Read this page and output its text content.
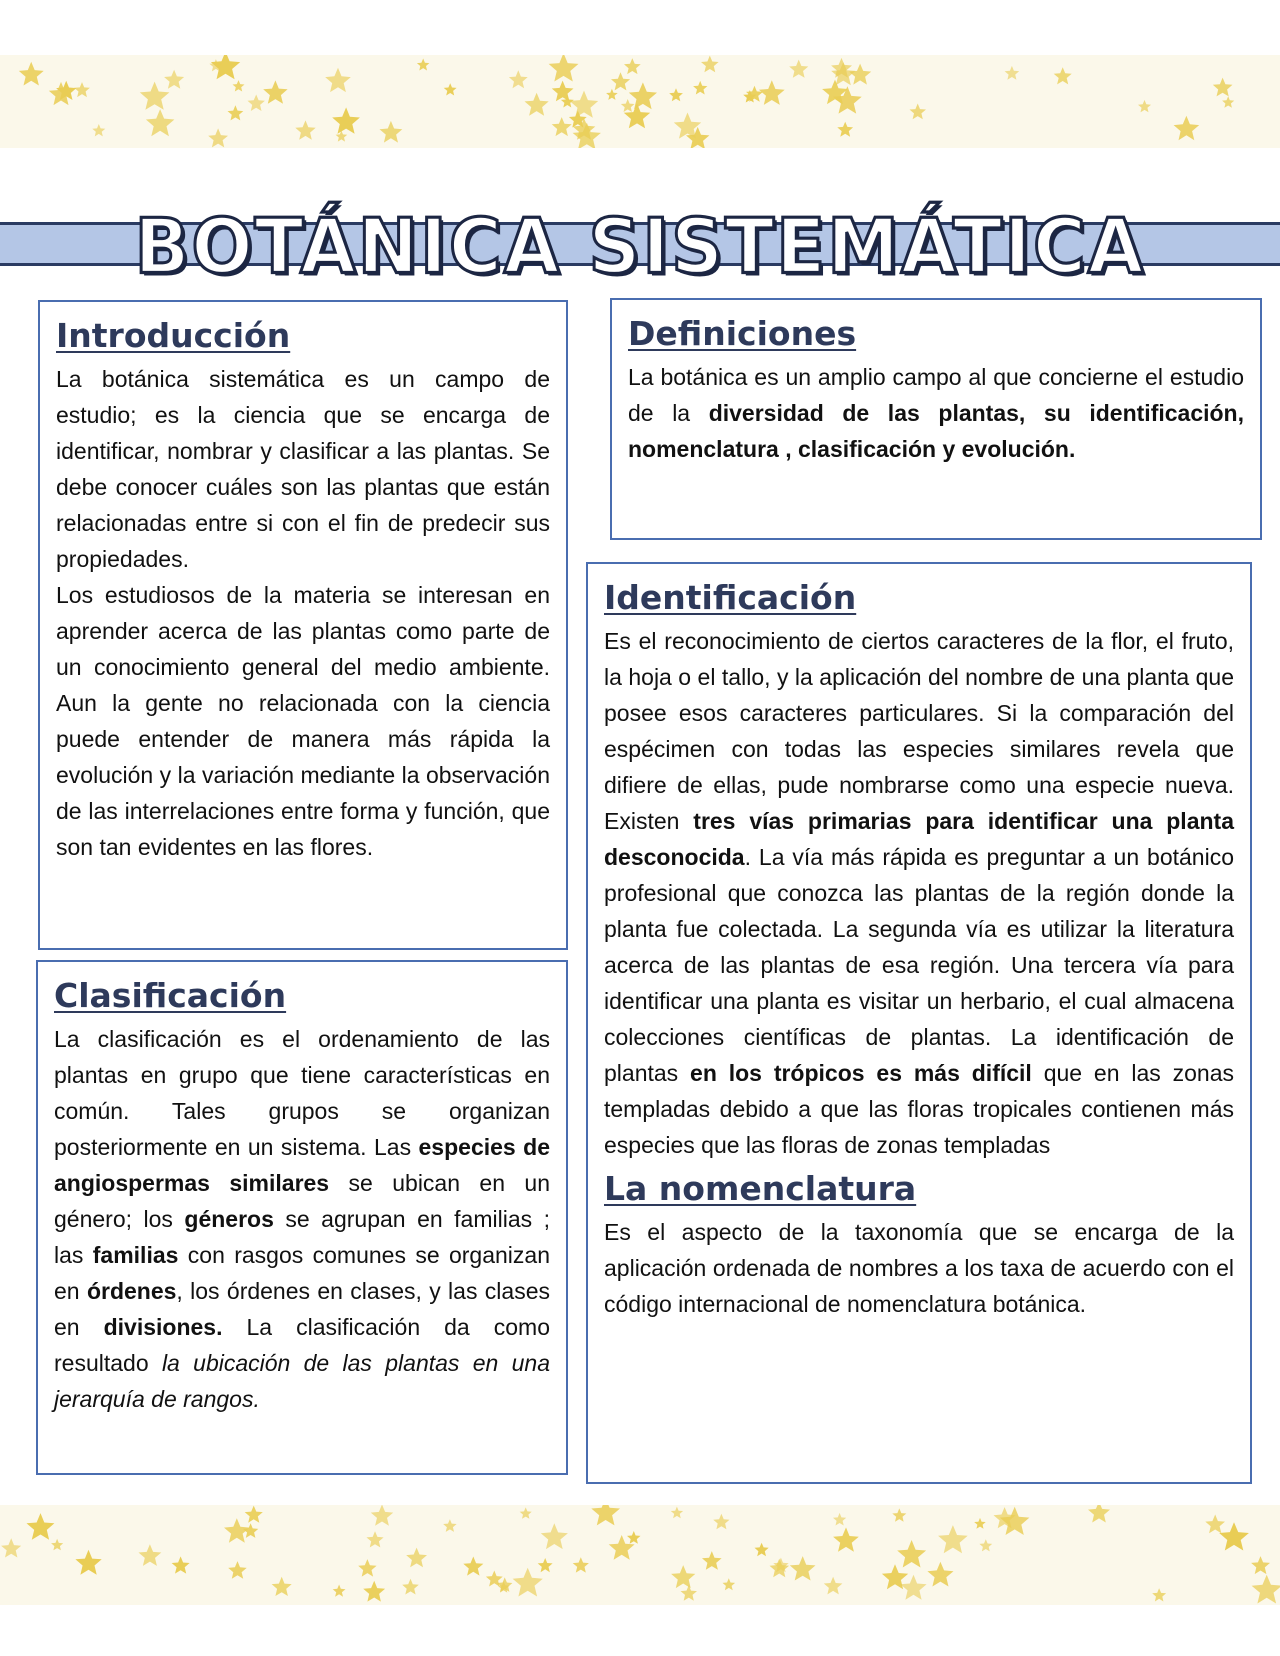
BOTÁNICA SISTEMÁTICA
Introducción

La botánica sistemática es un campo de estudio; es la ciencia que se encarga de identificar, nombrar y clasificar a las plantas. Se debe conocer cuáles son las plantas que están relacionadas entre si con el fin de predecir sus propiedades.

Los estudiosos de la materia se interesan en aprender acerca de las plantas como parte de un conocimiento general del medio ambiente. Aun la gente no relacionada con la ciencia puede entender de manera más rápida la evolución y la variación mediante la observación de las interrelaciones entre forma y función, que son tan evidentes en las flores.

Definiciones

La botánica es un amplio campo al que concierne el estudio de la diversidad de las plantas, su identificación, nomenclatura , clasificación y evolución.

Clasificación

La clasificación es el ordenamiento de las plantas en grupo que tiene características en común. Tales grupos se organizan posteriormente en un sistema. Las especies de angiospermas similares se ubican en un género; los géneros se agrupan en familias ; las familias con rasgos comunes se organizan en órdenes, los órdenes en clases, y las clases en divisiones. La clasificación da como resultado la ubicación de las plantas en una jerarquía de rangos.

Identificación

Es el reconocimiento de ciertos caracteres de la flor, el fruto, la hoja o el tallo, y la aplicación del nombre de una planta que posee esos caracteres particulares. Si la comparación del espécimen con todas las especies similares revela que difiere de ellas, pude nombrarse como una especie nueva. Existen tres vías primarias para identificar una planta desconocida. La vía más rápida es preguntar a un botánico profesional que conozca las plantas de la región donde la planta fue colectada. La segunda vía es utilizar la literatura acerca de las plantas de esa región. Una tercera vía para identificar una planta es visitar un herbario, el cual almacena colecciones científicas de plantas. La identificación de plantas en los trópicos es más difícil que en las zonas templadas debido a que las floras tropicales contienen más especies que las floras de zonas templadas

La nomenclatura

Es el aspecto de la taxonomía que se encarga de la aplicación ordenada de nombres a los taxa de acuerdo con el código internacional de nomenclatura botánica.
